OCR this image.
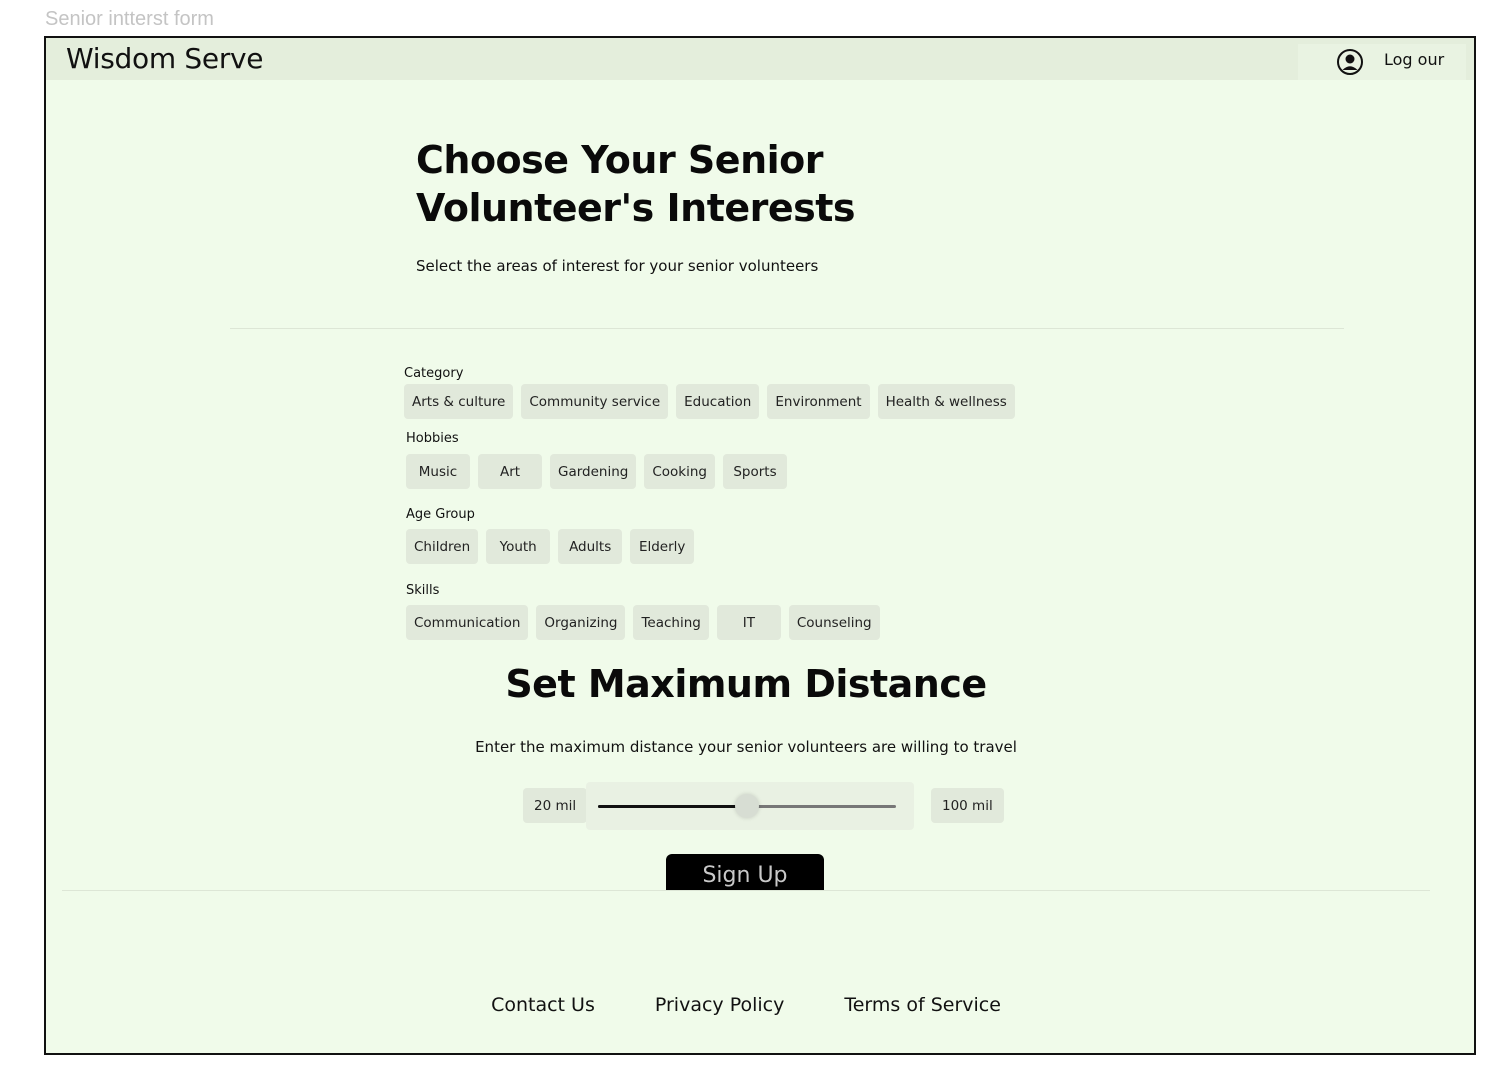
Senior intterst form
Wisdom Serve	Log our
Choose Your Senior Volunteer's Interests
Select the areas of interest for your senior volunteers
Category
Arts & culture	Community service	Education	Environment	Health & wellness
Hobbies
Music	Art	Gardening	Cooking	Sports
Age Group
Children	Youth	Adults	Elderly
Skills
Communication	Organizing	Teaching	IT	Counseling
Set Maximum Distance
Enter the maximum distance your senior volunteers are willing to travel
20 mil	100 mil
Sign Up
Contact Us	Privacy Policy	Terms of Service
